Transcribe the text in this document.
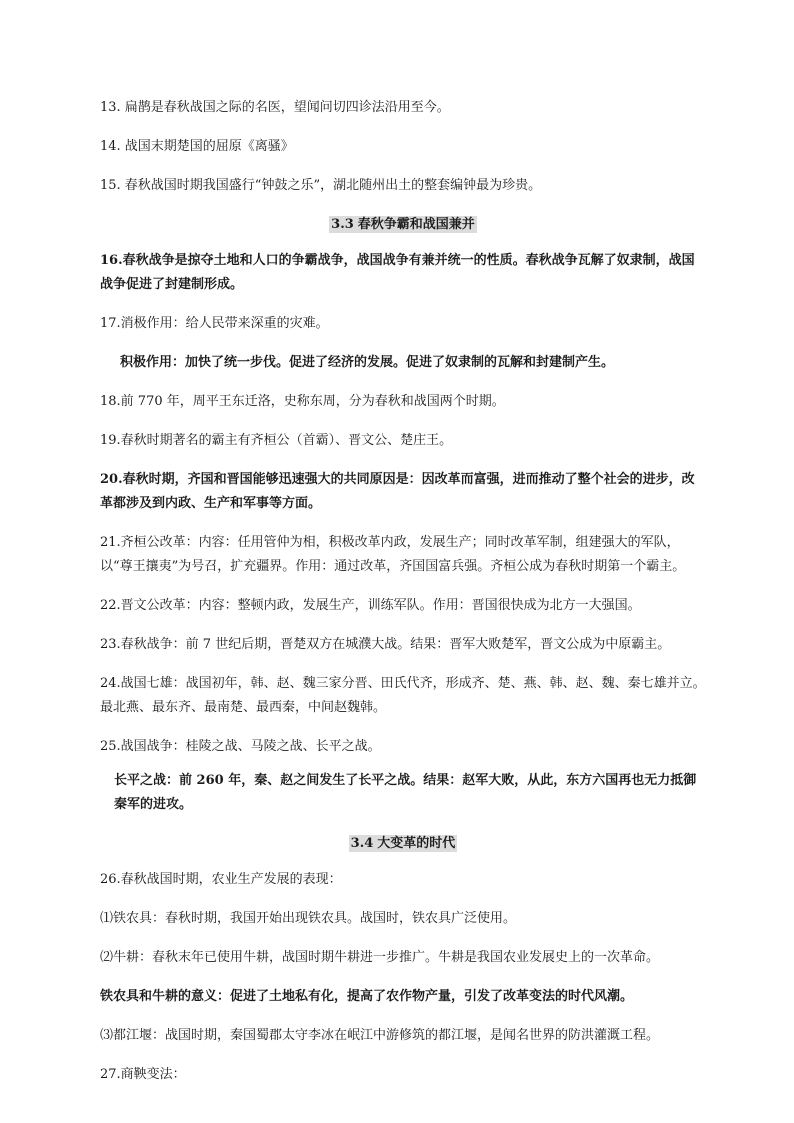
13. 扁鹊是春秋战国之际的名医，望闻问切四诊法沿用至今。

14. 战国末期楚国的屈原《离骚》

15. 春秋战国时期我国盛行“钟鼓之乐”，湖北随州出土的整套编钟最为珍贵。

3.3 春秋争霸和战国兼并

16.春秋战争是掠夺土地和人口的争霸战争，战国战争有兼并统一的性质。春秋战争瓦解了奴隶制，战国战争促进了封建制形成。

17.消极作用：给人民带来深重的灾难。

积极作用：加快了统一步伐。促进了经济的发展。促进了奴隶制的瓦解和封建制产生。

18.前 770 年，周平王东迁洛，史称东周，分为春秋和战国两个时期。

19.春秋时期著名的霸主有齐桓公（首霸）、晋文公、楚庄王。

20.春秋时期，齐国和晋国能够迅速强大的共同原因是：因改革而富强，进而推动了整个社会的进步，改革都涉及到内政、生产和军事等方面。

21.齐桓公改革：内容：任用管仲为相，积极改革内政，发展生产；同时改革军制，组建强大的军队，以“尊王攘夷”为号召，扩充疆界。作用：通过改革，齐国国富兵强。齐桓公成为春秋时期第一个霸主。

22.晋文公改革：内容：整顿内政，发展生产，训练军队。作用：晋国很快成为北方一大强国。

23.春秋战争：前 7 世纪后期，晋楚双方在城濮大战。结果：晋军大败楚军，晋文公成为中原霸主。

24.战国七雄：战国初年，韩、赵、魏三家分晋、田氏代齐，形成齐、楚、燕、韩、赵、魏、秦七雄并立。最北燕、最东齐、最南楚、最西秦，中间赵魏韩。

25.战国战争：桂陵之战、马陵之战、长平之战。

长平之战：前 260 年，秦、赵之间发生了长平之战。结果：赵军大败，从此，东方六国再也无力抵御秦军的进攻。

3.4 大变革的时代

26.春秋战国时期，农业生产发展的表现：

⑴铁农具：春秋时期，我国开始出现铁农具。战国时，铁农具广泛使用。

⑵牛耕：春秋末年已使用牛耕，战国时期牛耕进一步推广。牛耕是我国农业发展史上的一次革命。

铁农具和牛耕的意义：促进了土地私有化，提高了农作物产量，引发了改革变法的时代风潮。

⑶都江堰：战国时期，秦国蜀郡太守李冰在岷江中游修筑的都江堰，是闻名世界的防洪灌溉工程。

27.商鞅变法：
